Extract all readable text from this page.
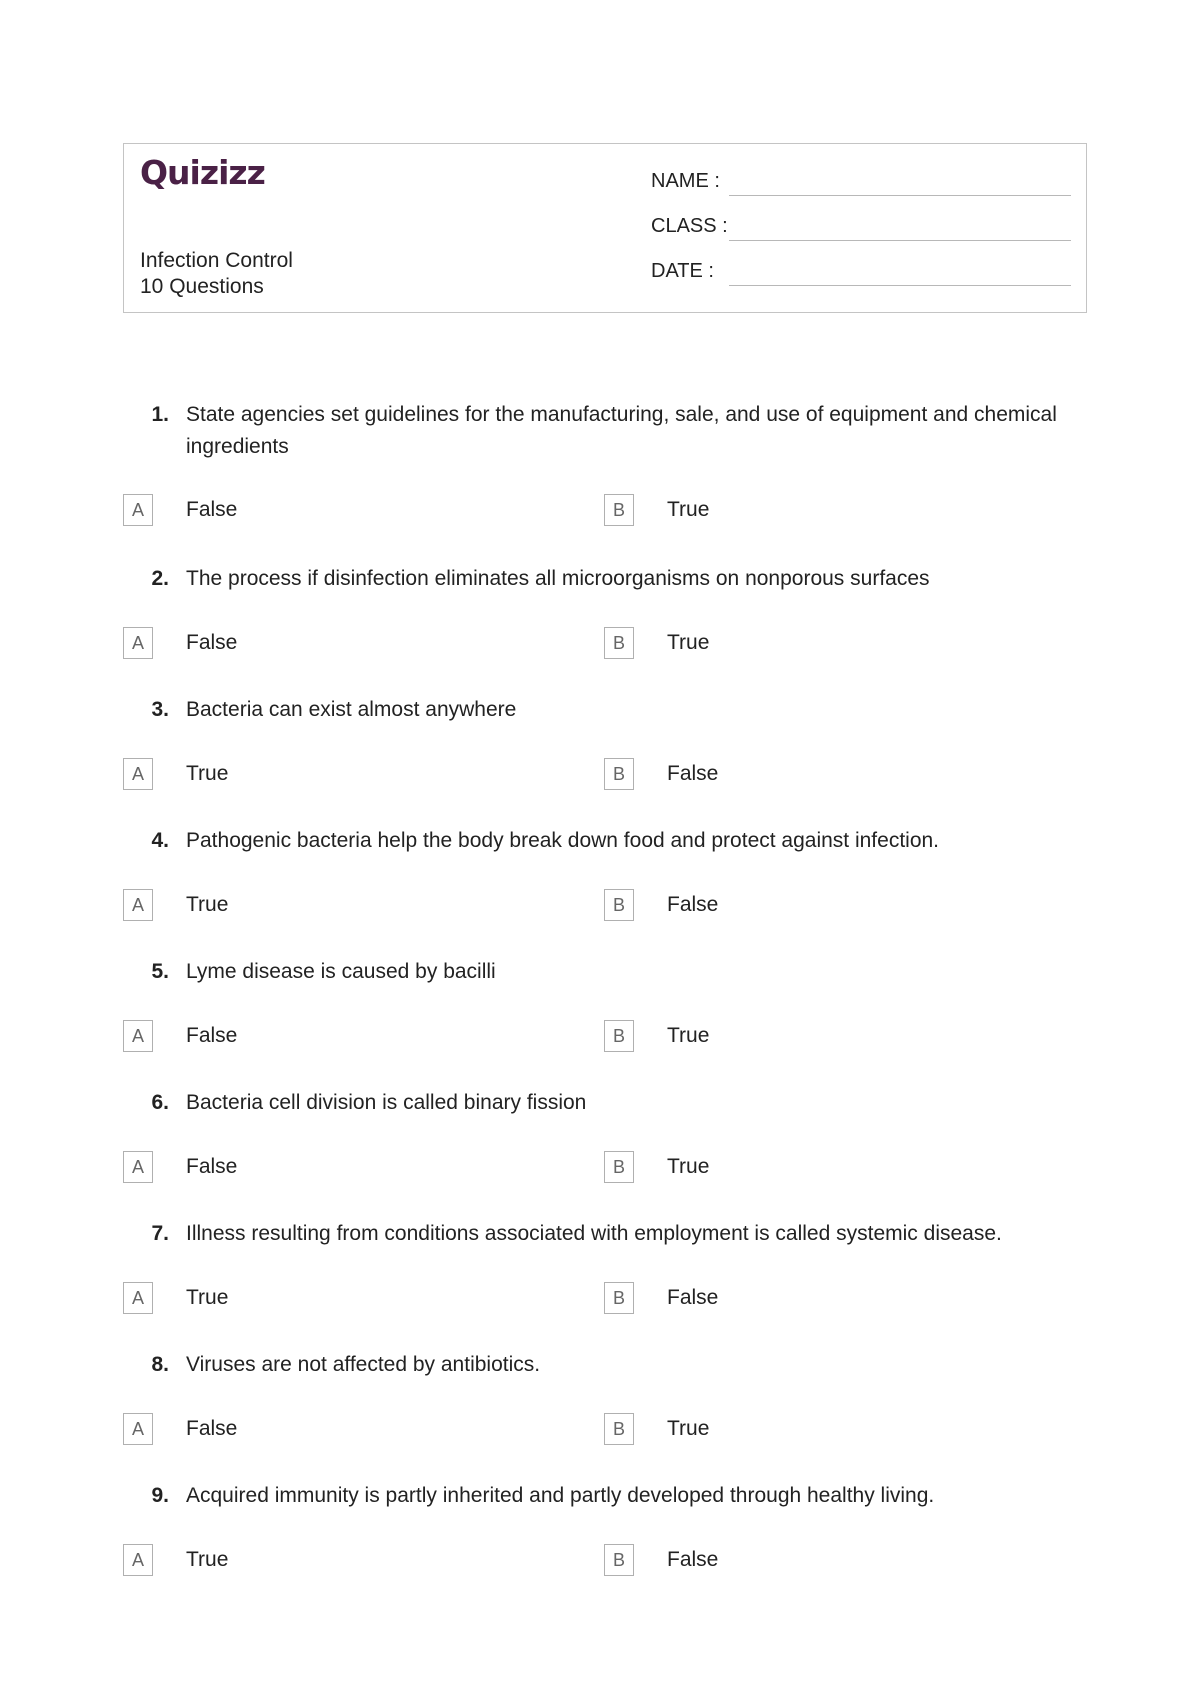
Quizizz
Infection Control
10 Questions
NAME :
CLASS :
DATE :
1. State agencies set guidelines for the manufacturing, sale, and use of equipment and chemical ingredients
A	False	B	True
2. The process if disinfection eliminates all microorganisms on nonporous surfaces
A	False	B	True
3. Bacteria can exist almost anywhere
A	True	B	False
4. Pathogenic bacteria help the body break down food and protect against infection.
A	True	B	False
5. Lyme disease is caused by bacilli
A	False	B	True
6. Bacteria cell division is called binary fission
A	False	B	True
7. Illness resulting from conditions associated with employment is called systemic disease.
A	True	B	False
8. Viruses are not affected by antibiotics.
A	False	B	True
9. Acquired immunity is partly inherited and partly developed through healthy living.
A	True	B	False
